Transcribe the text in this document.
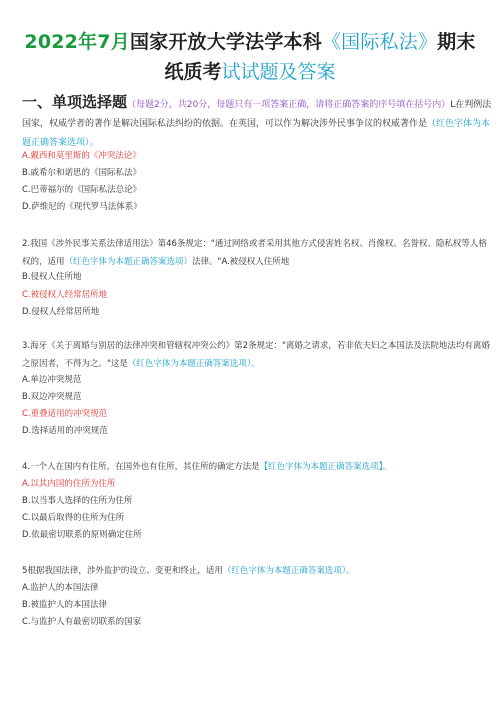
2022年7月国家开放大学法学本科《国际私法》期末
纸质考试试题及答案
一、单项选择题（每题2分，共20分，每题只有一项答案正确，请将正确答案的序号填在括号内）L在判例法国家，权威学者的著作是解决国际私法纠纷的依据。在英国，可以作为解决涉外民事争议的权威著作是（红色字体为本题正确答案选项）。
A.戴西和莫里斯的《冲突法论》
B.戚希尔和诺思的《国际私法》
C.巴蒂福尔的《国际私法总论》
D.萨维尼的《现代罗马法体系》
2.我国《涉外民事关系法律适用法》第46条规定："通过网络或者采用其他方式侵害姓名权、肖像权、名誉权、隐私权等人格权的，适用（红色字体为本题正确答案选项）法律。"A.被侵权人住所地
B.侵权人住所地
C.被侵权人经常居所地
D.侵权人经常居所地
3.海牙《关于离婚与别居的法律冲突和管辖权冲突公约》第2条规定："离婚之请求，若非依夫妇之本国法及法院地法均有离婚之原因者，不得为之。"这是（红色字体为本题正确答案选项）。
A.单边冲突规范
B.双边冲突规范
C.重叠适用的冲突规范
D.选择适用的冲突规范
4.一个人在国内有住所，在国外也有住所，其住所的确定方法是【红色字体为本题正确答案选项】。
A.以其内国的住所为住所
B.以当事人选择的住所为住所
C.以最后取得的住所为住所
D.依最密切联系的原则确定住所
5根据我国法律，涉外监护的设立、变更和终止，适用（红色字体为本题正确答案选项）。
A.监护人的本国法律
B.被监护人的本国法律
C.与监护人有最密切联系的国家
